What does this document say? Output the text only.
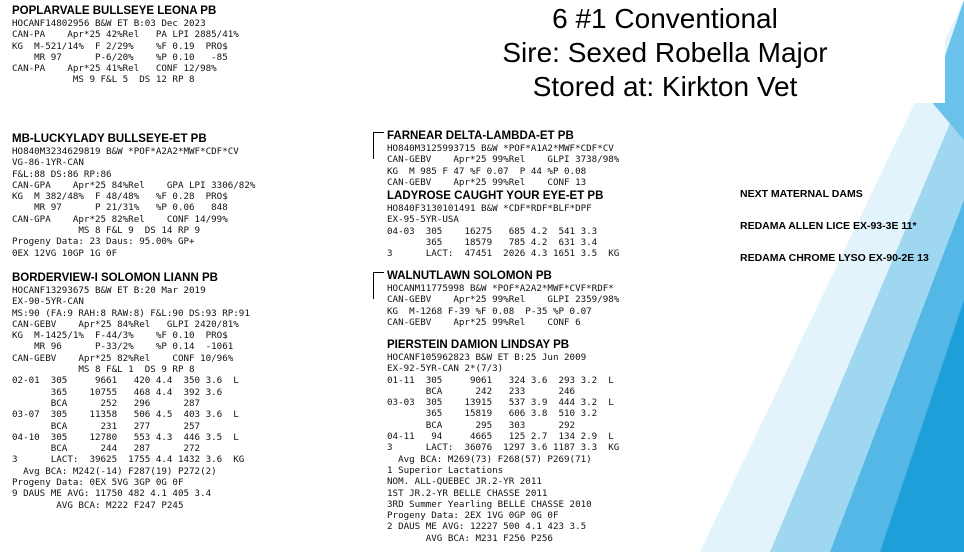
6 #1 Conventional
Sire: Sexed Robella Major
Stored at: Kirkton Vet
POPLARVALE BULLSEYE LEONA PB
HOCANF14802956 B&W ET B:03 Dec 2023
CAN-PA    Apr*25 42%Rel   PA LPI 2885/41%
KG  M-521/14%  F 2/29%    %F 0.19  PRO$
MR 97      P-6/20%    %P 0.10   -85
CAN-PA    Apr*25 41%Rel   CONF 12/98%
MS 9 F&L 5  DS 12 RP 8
MB-LUCKYLADY BULLSEYE-ET PB
HO840M3234629819 B&W *POF*A2A2*MWF*CDF*CV
VG-86-1YR-CAN
F&L:88 DS:86 RP:86
CAN-GPA    Apr*25 84%Rel    GPA LPI 3306/82%
KG  M 382/48%  F 48/48%   %F 0.28  PRO$
MR 97      P 21/31%   %P 0.06   848
CAN-GPA    Apr*25 82%Rel    CONF 14/99%
MS 8 F&L 9  DS 14 RP 9
Progeny Data: 23 Daus: 95.00% GP+
0EX 12VG 10GP 1G 0F
BORDERVIEW-I SOLOMON LIANN PB
HOCANF13293675 B&W ET B:20 Mar 2019
EX-90-5YR-CAN
MS:90 (FA:9 RAH:8 RAW:8) F&L:90 DS:93 RP:91
CAN-GEBV    Apr*25 84%Rel   GLPI 2420/81%
KG  M-1425/1%  F-44/3%    %F 0.10  PRO$
MR 96      P-33/2%    %P 0.14  -1061
CAN-GEBV    Apr*25 82%Rel    CONF 10/96%
MS 8 F&L 1  DS 9 RP 8
02-01  305     9661   420 4.4  350 3.6  L
365    10755   468 4.4  392 3.6
BCA      252   296      287
03-07  305    11358   506 4.5  403 3.6  L
BCA      231   277      257
04-10  305    12780   553 4.3  446 3.5  L
BCA      244   287      272
3      LACT:  39625  1755 4.4 1432 3.6  KG
Avg BCA: M242(-14) F287(19) P272(2)
Progeny Data: 0EX 5VG 3GP 0G 0F
9 DAUS ME AVG: 11750 482 4.1 405 3.4
AVG BCA: M222 F247 P245
FARNEAR DELTA-LAMBDA-ET PB
HO840M3125993715 B&W *POF*A1A2*MWF*CDF*CV
CAN-GEBV    Apr*25 99%Rel    GLPI 3738/98%
KG  M 985 F 47 %F 0.07  P 44 %P 0.08
CAN-GEBV    Apr*25 99%Rel    CONF 13
LADYROSE CAUGHT YOUR EYE-ET PB
HO840F3130101491 B&W *CDF*RDF*BLF*DPF
EX-95-5YR-USA
04-03  305    16275   685 4.2  541 3.3
365    18579   785 4.2  631 3.4
3      LACT:  47451  2026 4.3 1651 3.5  KG
WALNUTLAWN SOLOMON PB
HOCANM11775998 B&W *POF*A2A2*MWF*CVF*RDF*
CAN-GEBV    Apr*25 99%Rel    GLPI 2359/98%
KG  M-1268 F-39 %F 0.08  P-35 %P 0.07
CAN-GEBV    Apr*25 99%Rel    CONF 6
PIERSTEIN DAMION LINDSAY PB
HOCANF105962823 B&W ET B:25 Jun 2009
EX-92-5YR-CAN 2*(7/3)
01-11  305     9061   324 3.6  293 3.2  L
BCA      242   233      246
03-03  305    13915   537 3.9  444 3.2  L
365    15819   606 3.8  510 3.2
BCA      295   303      292
04-11   94     4665   125 2.7  134 2.9  L
3      LACT:  36076  1297 3.6 1187 3.3  KG
Avg BCA: M269(73) F268(57) P269(71)
1 Superior Lactations
NOM. ALL-QUEBEC JR.2-YR 2011
1ST JR.2-YR BELLE CHASSE 2011
3RD Summer Yearling BELLE CHASSE 2010
Progeny Data: 2EX 1VG 0GP 0G 0F
2 DAUS ME AVG: 12227 500 4.1 423 3.5
AVG BCA: M231 F256 P256
NEXT MATERNAL DAMS
REDAMA ALLEN LICE EX-93-3E 11*
REDAMA CHROME LYSO EX-90-2E 13
